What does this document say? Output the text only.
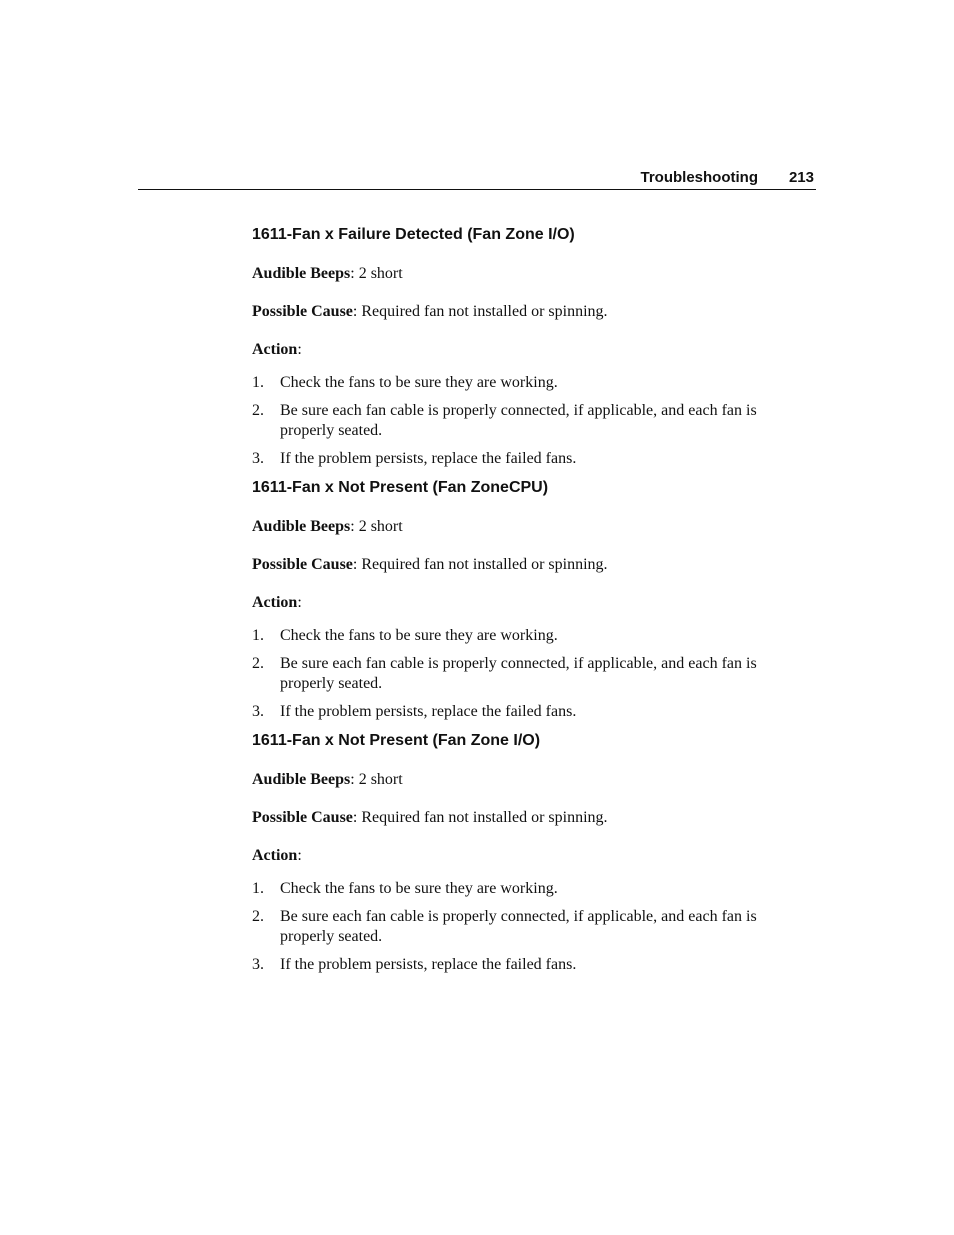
Troubleshooting 213
1611-Fan x Failure Detected (Fan Zone I/O)

Audible Beeps: 2 short

Possible Cause: Required fan not installed or spinning.

Action:

1. Check the fans to be sure they are working.
2. Be sure each fan cable is properly connected, if applicable, and each fan is properly seated.
3. If the problem persists, replace the failed fans.
1611-Fan x Not Present (Fan ZoneCPU)

Audible Beeps: 2 short

Possible Cause: Required fan not installed or spinning.

Action:

1. Check the fans to be sure they are working.
2. Be sure each fan cable is properly connected, if applicable, and each fan is properly seated.
3. If the problem persists, replace the failed fans.
1611-Fan x Not Present (Fan Zone I/O)

Audible Beeps: 2 short

Possible Cause: Required fan not installed or spinning.

Action:

1. Check the fans to be sure they are working.
2. Be sure each fan cable is properly connected, if applicable, and each fan is properly seated.
3. If the problem persists, replace the failed fans.
